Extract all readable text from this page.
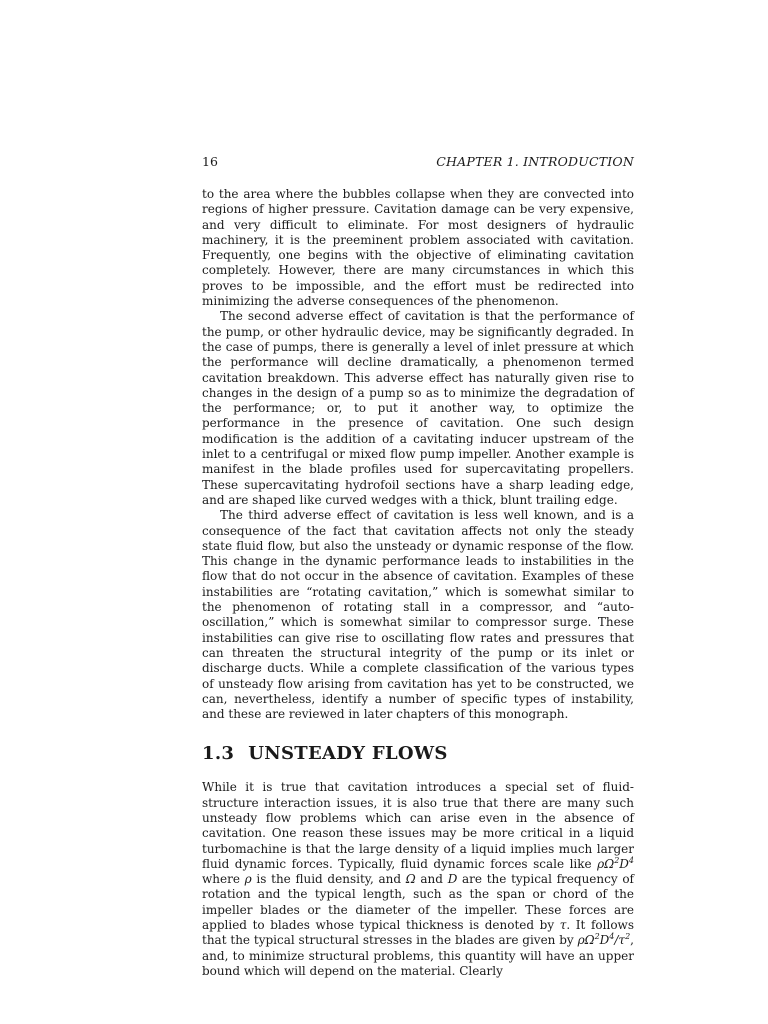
16	CHAPTER 1. INTRODUCTION

to the area where the bubbles collapse when they are convected into regions of higher pressure. Cavitation damage can be very expensive, and very difficult to eliminate. For most designers of hydraulic machinery, it is the preeminent problem associated with cavitation. Frequently, one begins with the objective of eliminating cavitation completely. However, there are many circumstances in which this proves to be impossible, and the effort must be redirected into minimizing the adverse consequences of the phenomenon.

The second adverse effect of cavitation is that the performance of the pump, or other hydraulic device, may be significantly degraded. In the case of pumps, there is generally a level of inlet pressure at which the performance will decline dramatically, a phenomenon termed cavitation breakdown. This adverse effect has naturally given rise to changes in the design of a pump so as to minimize the degradation of the performance; or, to put it another way, to optimize the performance in the presence of cavitation. One such design modification is the addition of a cavitating inducer upstream of the inlet to a centrifugal or mixed flow pump impeller. Another example is manifest in the blade profiles used for supercavitating propellers. These supercavitating hydrofoil sections have a sharp leading edge, and are shaped like curved wedges with a thick, blunt trailing edge.

The third adverse effect of cavitation is less well known, and is a consequence of the fact that cavitation affects not only the steady state fluid flow, but also the unsteady or dynamic response of the flow. This change in the dynamic performance leads to instabilities in the flow that do not occur in the absence of cavitation. Examples of these instabilities are “rotating cavitation,” which is somewhat similar to the phenomenon of rotating stall in a compressor, and “auto-oscillation,” which is somewhat similar to compressor surge. These instabilities can give rise to oscillating flow rates and pressures that can threaten the structural integrity of the pump or its inlet or discharge ducts. While a complete classification of the various types of unsteady flow arising from cavitation has yet to be constructed, we can, nevertheless, identify a number of specific types of instability, and these are reviewed in later chapters of this monograph.

1.3 UNSTEADY FLOWS

While it is true that cavitation introduces a special set of fluid-structure interaction issues, it is also true that there are many such unsteady flow problems which can arise even in the absence of cavitation. One reason these issues may be more critical in a liquid turbomachine is that the large density of a liquid implies much larger fluid dynamic forces. Typically, fluid dynamic forces scale like $\rho\Omega^2D^4$ where ρ is the fluid density, and Ω and D are the typical frequency of rotation and the typical length, such as the span or chord of the impeller blades or the diameter of the impeller. These forces are applied to blades whose typical thickness is denoted by τ. It follows that the typical structural stresses in the blades are given by $\rho\Omega^2D^4/\tau^2$, and, to minimize structural problems, this quantity will have an upper bound which will depend on the material. Clearly
